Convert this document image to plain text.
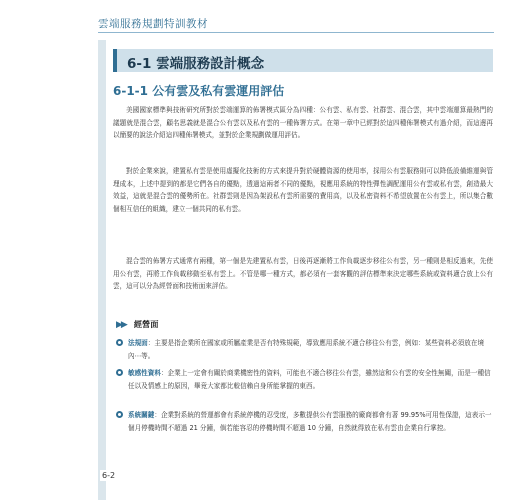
雲端服務規劃特訓教材
6-1 雲端服務設計概念
6-1-1 公有雲及私有雲運用評估

美國國家標準與技術研究所對於雲端運算的佈署模式區分為四種：公有雲、私有雲、社群雲、混合雲，其中雲端運算最熱門的議題就是混合雲，顧名思義就是混合公有雲以及私有雲的一種佈署方式。在第一章中已經對於這四種佈署模式有過介紹，而這邊再以簡要的說法介紹這四種佈署模式，並對於企業規劃做運用評估。

對於企業來說，建置私有雲是使用虛擬化技術的方式來提升對於硬體資源的使用率，採用公有雲服務則可以降低設備維運與管理成本，上述中提到的都是它們各自的優點，透過這兩者不同的優點，視應用系統的特性彈性調配運用公有雲或私有雲，創造最大效益，這就是混合雲的優勢所在。社群雲則是因為架設私有雲所需要的費用高，以及私密資料不希望放置在公有雲上，所以集合數個相互信任的組織，建立一個共同的私有雲。

混合雲的佈署方式通常有兩種，第一個是先建置私有雲，日後再逐漸將工作負載逐步移往公有雲，另一種則是相反過來，先使用公有雲，再將工作負載移動至私有雲上。不管是哪一種方式，都必須有一套客觀的評估標準來決定哪些系統或資料適合放上公有雲，這可以分為經營面和技術面來評估。

▶▶ 經營面
法規面：主要是指企業所在國家或所屬產業是否有特殊規範，導致應用系統不適合移往公有雲，例如：某些資料必須放在境內⋯等。
敏感性資料：企業上一定會有關於商業機密性的資料，可能也不適合移往公有雲，雖然這和公有雲的安全性無關，而是一種信任以及情感上的原因，畢竟大家都比較信賴自身所能掌握的東西。
系統關鍵：企業對系統的營運都會有系統停機的忍受度，多數提供公有雲服務的廠商都會有著 99.95%可用性保證，這表示一個月停機時間不超過 21 分鐘，倘若能容忍的停機時間不超過 10 分鐘，自然就得放在私有雲由企業自行掌控。
6-2
